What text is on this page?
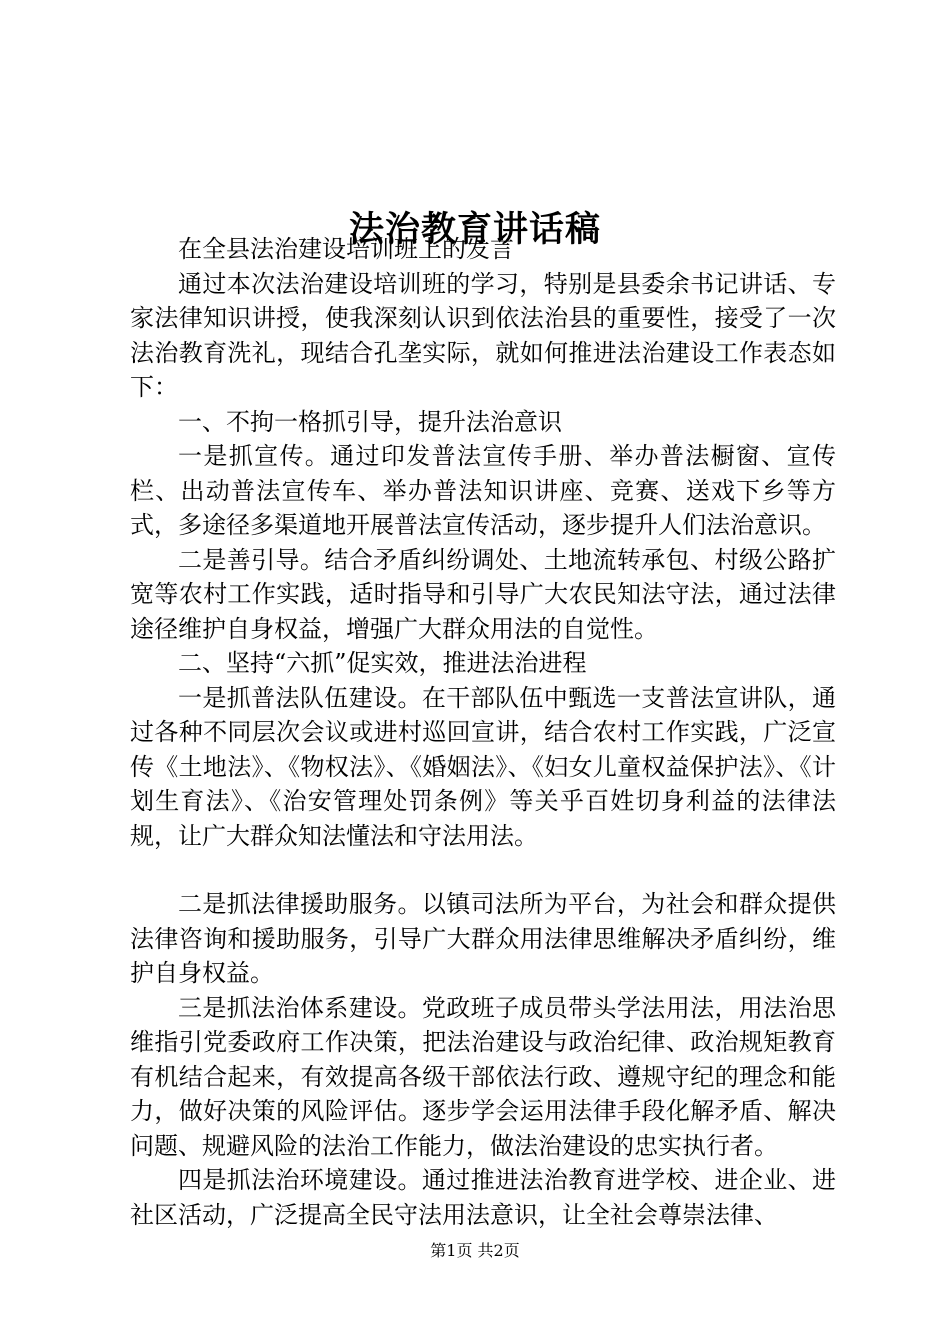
法治教育讲话稿

在全县法治建设培训班上的发言

通过本次法治建设培训班的学习，特别是县委余书记讲话、专家法律知识讲授，使我深刻认识到依法治县的重要性，接受了一次法治教育洗礼，现结合孔垄实际，就如何推进法治建设工作表态如下：

一、不拘一格抓引导，提升法治意识

一是抓宣传。通过印发普法宣传手册、举办普法橱窗、宣传栏、出动普法宣传车、举办普法知识讲座、竞赛、送戏下乡等方式，多途径多渠道地开展普法宣传活动，逐步提升人们法治意识。

二是善引导。结合矛盾纠纷调处、土地流转承包、村级公路扩宽等农村工作实践，适时指导和引导广大农民知法守法，通过法律途径维护自身权益，增强广大群众用法的自觉性。

二、坚持“六抓”促实效，推进法治进程

一是抓普法队伍建设。在干部队伍中甄选一支普法宣讲队，通过各种不同层次会议或进村巡回宣讲，结合农村工作实践，广泛宣传《土地法》、《物权法》、《婚姻法》、《妇女儿童权益保护法》、《计划生育法》、《治安管理处罚条例》等关乎百姓切身利益的法律法规，让广大群众知法懂法和守法用法。

二是抓法律援助服务。以镇司法所为平台，为社会和群众提供法律咨询和援助服务，引导广大群众用法律思维解决矛盾纠纷，维护自身权益。

三是抓法治体系建设。党政班子成员带头学法用法，用法治思维指引党委政府工作决策，把法治建设与政治纪律、政治规矩教育有机结合起来，有效提高各级干部依法行政、遵规守纪的理念和能力，做好决策的风险评估。逐步学会运用法律手段化解矛盾、解决问题、规避风险的法治工作能力，做法治建设的忠实执行者。

四是抓法治环境建设。通过推进法治教育进学校、进企业、进社区活动，广泛提高全民守法用法意识，让全社会尊崇法律、

第1页 共2页
